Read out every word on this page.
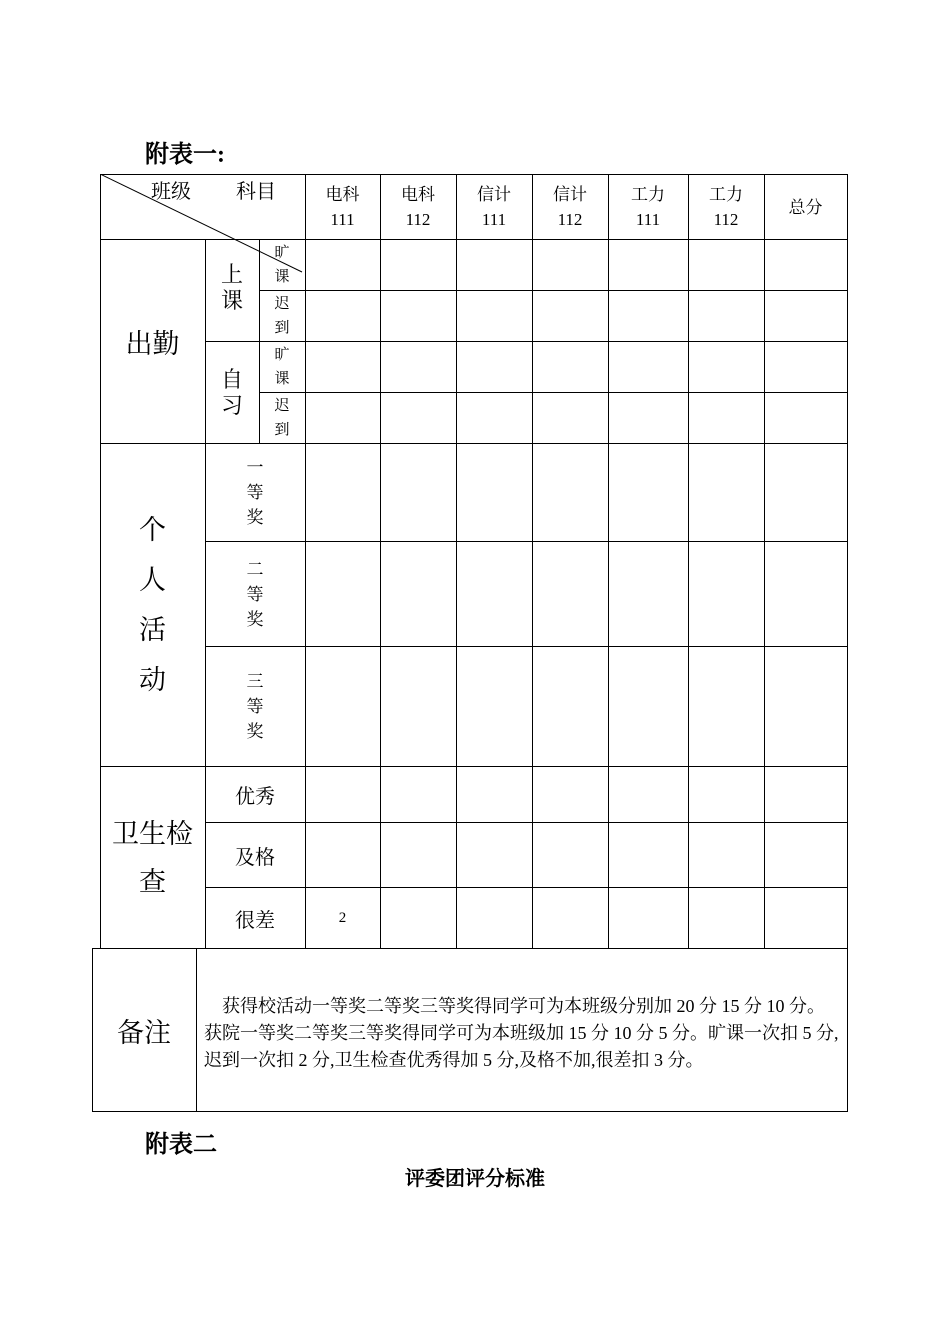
附表一:
附表二
评委团评分标准
班级 科目	电科
111
电科
112
信计
111
信计
112
工力
111
工力
112
总分
出勤
上
课
旷
课
迟
到
自
习
旷
课
迟
到
个
人
活
动
一
等
奖
二
等
奖
三
等
奖
卫生检
查
优秀
及格
很差	2
备注
获得校活动一等奖二等奖三等奖得同学可为本班级分别加 20 分 15 分 10 分。获院一等奖二等奖三等奖得同学可为本班级加 15 分 10 分 5 分。旷课一次扣 5 分,迟到一次扣 2 分,卫生检查优秀得加 5 分,及格不加,很差扣 3 分。
